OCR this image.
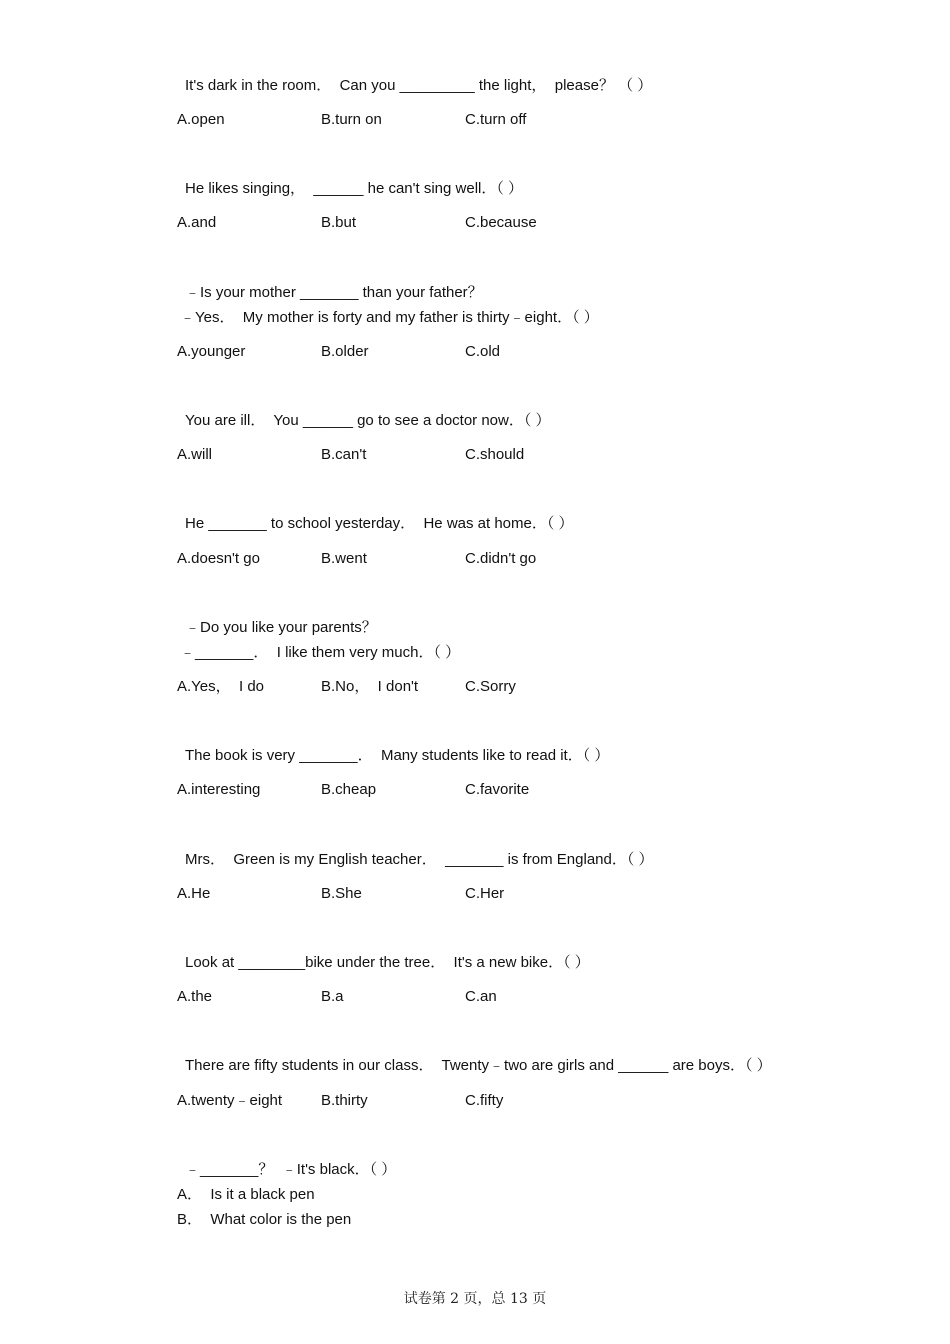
It's dark in the room．  Can you _________ the light，  please？ （ ）
A.open	B.turn on	C.turn off
He likes singing，  ______ he can't sing well．（ ）
A.and	B.but	C.because
﹣Is your mother _______ than your father？
﹣Yes．  My mother is forty and my father is thirty﹣eight．（ ）
A.younger	B.older	C.old
You are ill．  You ______ go to see a doctor now．（ ）
A.will	B.can't	C.should
He _______ to school yesterday．  He was at home．（ ）
A.doesn't go	B.went	C.didn't go
﹣Do you like your parents？
﹣_______．  I like them very much．（ ）
A.Yes，  I do	B.No，  I don't	C.Sorry
The book is very _______．  Many students like to read it．（ ）
A.interesting	B.cheap	C.favorite
Mrs．  Green is my English teacher．  _______ is from England．（ ）
A.He	B.She	C.Her
Look at ________bike under the tree．  It's a new bike．（ ）
A.the	B.a	C.an
There are fifty students in our class．  Twenty﹣two are girls and ______ are boys．（ ）
A.twenty﹣eight	B.thirty	C.fifty
﹣_______？  ﹣It's black．（ ）
A．  Is it a black pen
B．  What color is the pen
试卷第 2 页，总 13 页
